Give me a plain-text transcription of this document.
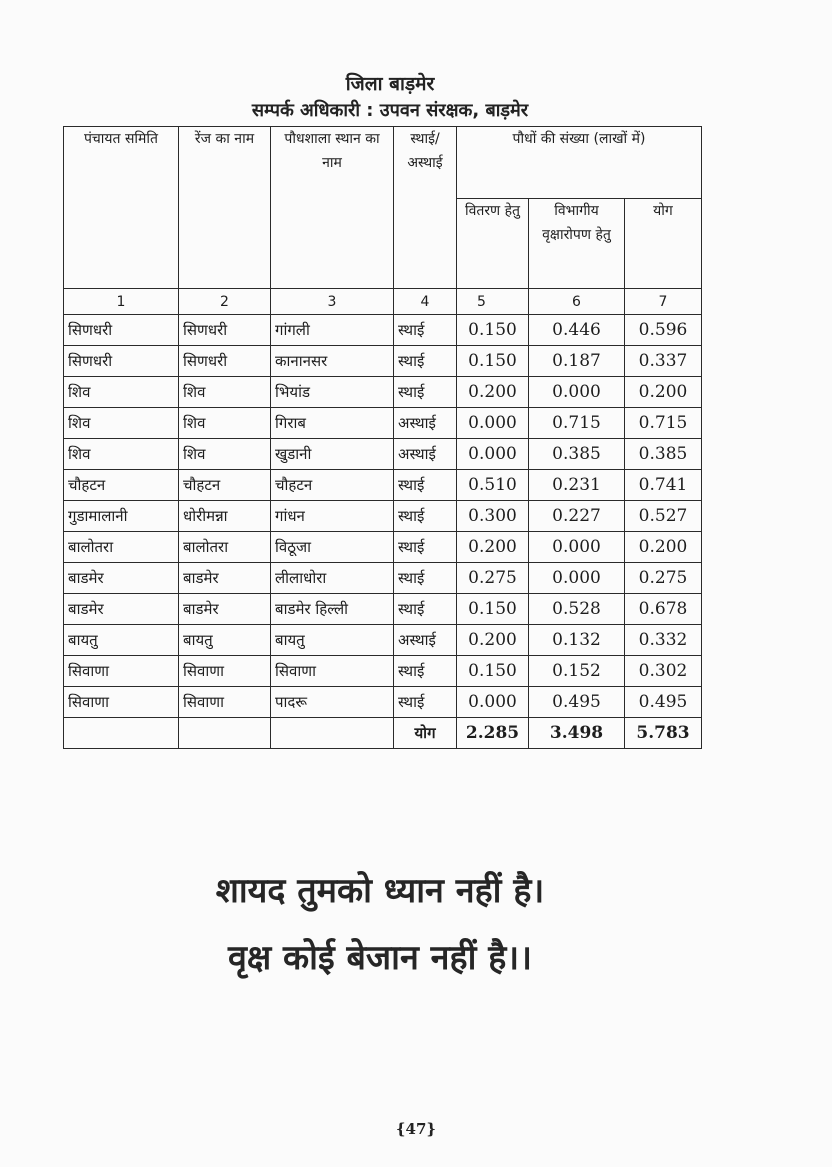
जिला बाड़मेर
सम्पर्क अधिकारी : उपवन संरक्षक, बाड़मेर
पंचायत समिति	रेंज का नाम	पौधशाला स्थान का नाम	स्थाई/ अस्थाई	पौधों की संख्या (लाखों में)		
				वितरण हेतु	विभागीय वृक्षारोपण हेतु	योग
1	2	3	4	5	6	7
सिणधरी	सिणधरी	गांगली	स्थाई	0.150	0.446	0.596
सिणधरी	सिणधरी	कानानसर	स्थाई	0.150	0.187	0.337
शिव	शिव	भियांड	स्थाई	0.200	0.000	0.200
शिव	शिव	गिराब	अस्थाई	0.000	0.715	0.715
शिव	शिव	खुडानी	अस्थाई	0.000	0.385	0.385
चौहटन	चौहटन	चौहटन	स्थाई	0.510	0.231	0.741
गुडामालानी	धोरीमन्ना	गांधन	स्थाई	0.300	0.227	0.527
बालोतरा	बालोतरा	विठूजा	स्थाई	0.200	0.000	0.200
बाडमेर	बाडमेर	लीलाधोरा	स्थाई	0.275	0.000	0.275
बाडमेर	बाडमेर	बाडमेर हिल्ली	स्थाई	0.150	0.528	0.678
बायतु	बायतु	बायतु	अस्थाई	0.200	0.132	0.332
सिवाणा	सिवाणा	सिवाणा	स्थाई	0.150	0.152	0.302
सिवाणा	सिवाणा	पादरू	स्थाई	0.000	0.495	0.495
			योग	2.285	3.498	5.783
शायद तुमको ध्यान नहीं है।
वृक्ष कोई बेजान नहीं है।।
{47}
